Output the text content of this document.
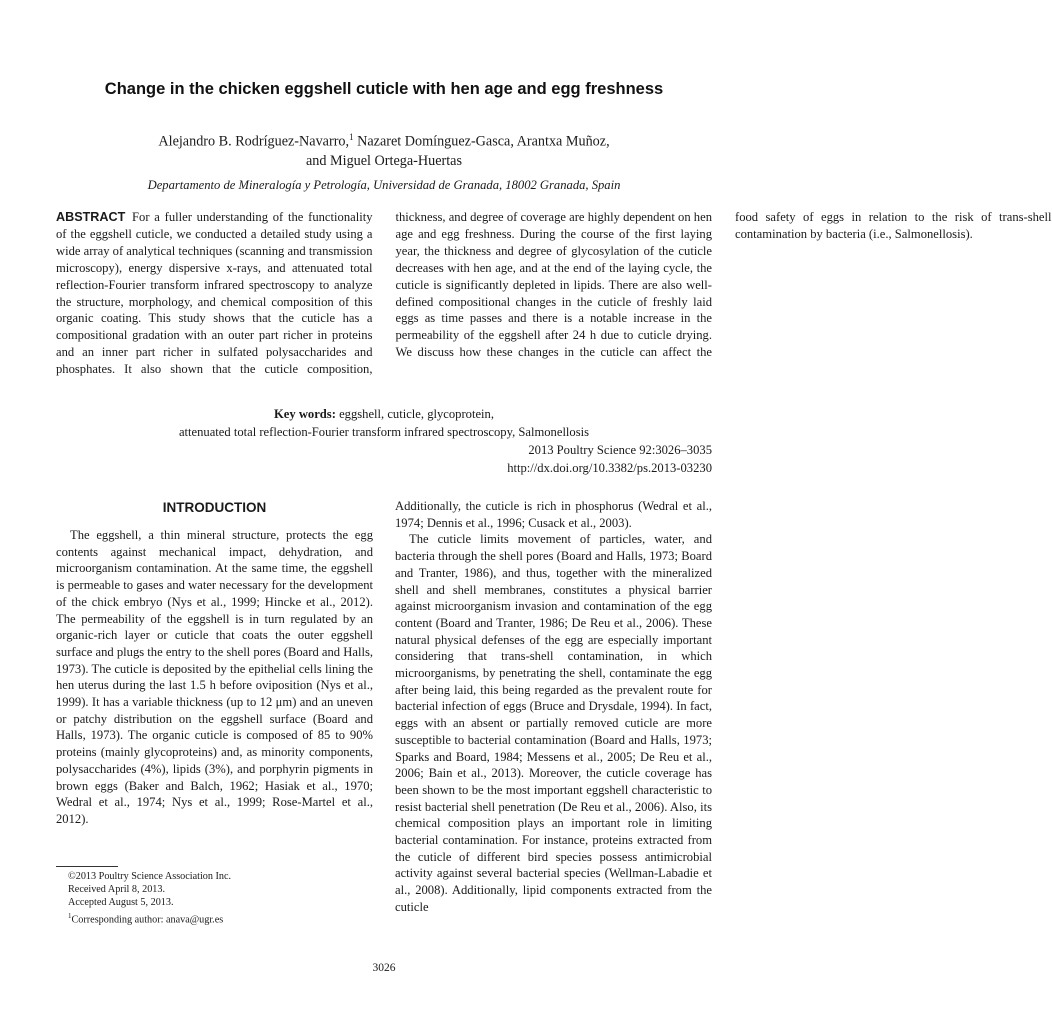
Change in the chicken eggshell cuticle with hen age and egg freshness
Alejandro B. Rodríguez-Navarro,$^1$ Nazaret Domínguez-Gasca, Arantxa Muñoz,
and Miguel Ortega-Huertas
Departamento de Mineralogía y Petrología, Universidad de Granada, 18002 Granada, Spain
ABSTRACT For a fuller understanding of the functionality of the eggshell cuticle, we conducted a detailed study using a wide array of analytical techniques (scanning and transmission microscopy), energy dispersive x-rays, and attenuated total reflection-Fourier transform infrared spectroscopy to analyze the structure, morphology, and chemical composition of this organic coating. This study shows that the cuticle has a compositional gradation with an outer part richer in proteins and an inner part richer in sulfated polysaccharides and phosphates. It also shown that the cuticle composition, thickness, and degree of coverage are highly dependent on hen age and egg freshness. During the course of the first laying year, the thickness and degree of glycosylation of the cuticle decreases with hen age, and at the end of the laying cycle, the cuticle is significantly depleted in lipids. There are also well-defined compositional changes in the cuticle of freshly laid eggs as time passes and there is a notable increase in the permeability of the eggshell after 24 h due to cuticle drying. We discuss how these changes in the cuticle can affect the food safety of eggs in relation to the risk of trans-shell contamination by bacteria (i.e., Salmonellosis).
Key words: eggshell, cuticle, glycoprotein,
attenuated total reflection-Fourier transform infrared spectroscopy, Salmonellosis
2013 Poultry Science 92:3026–3035
http://dx.doi.org/10.3382/ps.2013-03230
INTRODUCTION

The eggshell, a thin mineral structure, protects the egg contents against mechanical impact, dehydration, and microorganism contamination. At the same time, the eggshell is permeable to gases and water necessary for the development of the chick embryo (Nys et al., 1999; Hincke et al., 2012). The permeability of the eggshell is in turn regulated by an organic-rich layer or cuticle that coats the outer eggshell surface and plugs the entry to the shell pores (Board and Halls, 1973). The cuticle is deposited by the epithelial cells lining the hen uterus during the last 1.5 h before oviposition (Nys et al., 1999). It has a variable thickness (up to 12 μm) and an uneven or patchy distribution on the eggshell surface (Board and Halls, 1973). The organic cuticle is composed of 85 to 90% proteins (mainly glycoproteins) and, as minority components, polysaccharides (4%), lipids (3%), and porphyrin pigments in brown eggs (Baker and Balch, 1962; Hasiak et al., 1970; Wedral et al., 1974; Nys et al., 1999; Rose-Martel et al., 2012).

Additionally, the cuticle is rich in phosphorus (Wedral et al., 1974; Dennis et al., 1996; Cusack et al., 2003).

The cuticle limits movement of particles, water, and bacteria through the shell pores (Board and Halls, 1973; Board and Tranter, 1986), and thus, together with the mineralized shell and shell membranes, constitutes a physical barrier against microorganism invasion and contamination of the egg content (Board and Tranter, 1986; De Reu et al., 2006). These natural physical defenses of the egg are especially important considering that trans-shell contamination, in which microorganisms, by penetrating the shell, contaminate the egg after being laid, this being regarded as the prevalent route for bacterial infection of eggs (Bruce and Drysdale, 1994). In fact, eggs with an absent or partially removed cuticle are more susceptible to bacterial contamination (Board and Halls, 1973; Sparks and Board, 1984; Messens et al., 2005; De Reu et al., 2006; Bain et al., 2013). Moreover, the cuticle coverage has been shown to be the most important eggshell characteristic to resist bacterial shell penetration (De Reu et al., 2006). Also, its chemical composition plays an important role in limiting bacterial contamination. For instance, proteins extracted from the cuticle of different bird species possess antimicrobial activity against several bacterial species (Wellman-Labadie et al., 2008). Additionally, lipid components extracted from the cuticle

©2013 Poultry Science Association Inc.
Received April 8, 2013.
Accepted August 5, 2013.
$^1$Corresponding author: anava@ugr.es
3026
